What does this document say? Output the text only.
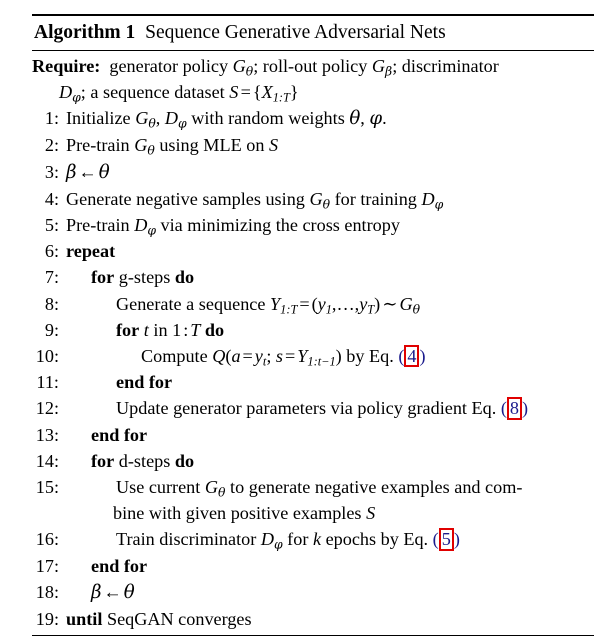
Algorithm 1 Sequence Generative Adversarial Nets
Require: generator policy $G_\theta$; roll-out policy $G_\beta$; discriminator
$D_\varphi$; a sequence dataset $S = \{X_{1:T}\}$
1: Initialize $G_\theta$, $D_\varphi$ with random weights θ, φ.
2: Pre-train $G_\theta$ using MLE on S
3: β ← θ
4: Generate negative samples using $G_\theta$ for training $D_\varphi$
5: Pre-train $D_\varphi$ via minimizing the cross entropy
6: repeat
7:	for g-steps do
8:	Generate a sequence $Y_{1:T}$ = $(y_1,\dots,y_T)$ ∼ $G_\theta$
9:	for t in 1 : T do
10:	Compute $Q(a = y_t$; $s = Y_{1:t-1}$) by Eq. ( 4 )
11:	end for
12:	Update generator parameters via policy gradient Eq. ( 8 )
13:	end for
14:	for d-steps do
15:	Use current $G_\theta$ to generate negative examples and com-
bine with given positive examples S
16:	Train discriminator $D_\varphi$ for k epochs by Eq. ( 5 )
17:	end for
18:	β ← θ
19: until SeqGAN converges
